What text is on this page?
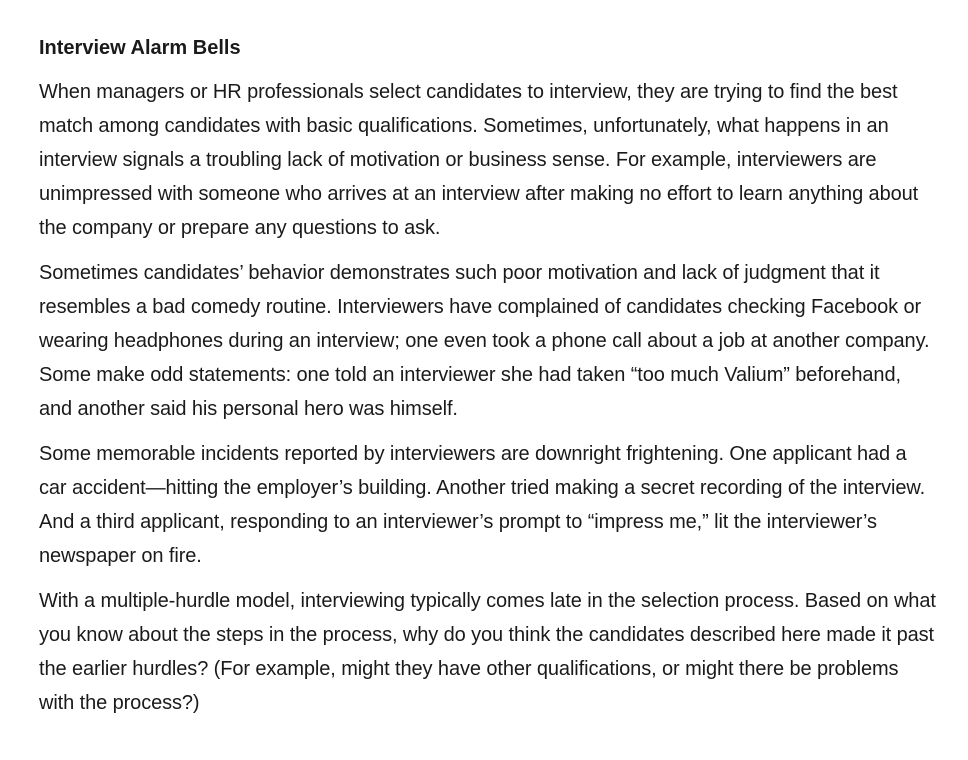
Interview Alarm Bells

When managers or HR professionals select candidates to interview, they are trying to find the best match among candidates with basic qualifications. Sometimes, unfortunately, what happens in an interview signals a troubling lack of motivation or business sense. For example, interviewers are unimpressed with someone who arrives at an interview after making no effort to learn anything about the company or prepare any questions to ask.

Sometimes candidates’ behavior demonstrates such poor motivation and lack of judgment that it resembles a bad comedy routine. Interviewers have complained of candidates checking Facebook or wearing headphones during an interview; one even took a phone call about a job at another company. Some make odd statements: one told an interviewer she had taken “too much Valium” beforehand, and another said his personal hero was himself.

Some memorable incidents reported by interviewers are downright frightening. One applicant had a car accident—hitting the employer’s building. Another tried making a secret recording of the interview. And a third applicant, responding to an interviewer’s prompt to “impress me,” lit the interviewer’s newspaper on fire.

With a multiple-hurdle model, interviewing typically comes late in the selection process. Based on what you know about the steps in the process, why do you think the candidates described here made it past the earlier hurdles? (For example, might they have other qualifications, or might there be problems with the process?)
